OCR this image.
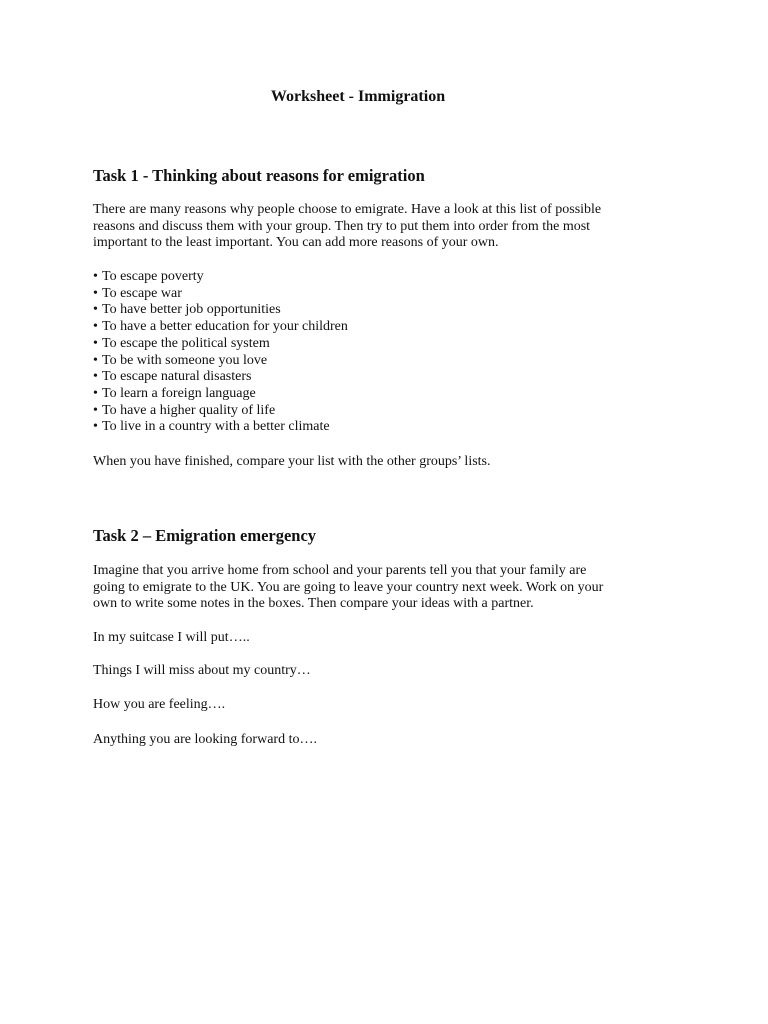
Worksheet - Immigration

Task 1 - Thinking about reasons for emigration

There are many reasons why people choose to emigrate. Have a look at this list of possible

reasons and discuss them with your group. Then try to put them into order from the most

important to the least important. You can add more reasons of your own.

• To escape poverty
• To escape war
• To have better job opportunities
• To have a better education for your children
• To escape the political system
• To be with someone you love
• To escape natural disasters
• To learn a foreign language
• To have a higher quality of life
• To live in a country with a better climate

When you have finished, compare your list with the other groups’ lists.

Task 2 – Emigration emergency

Imagine that you arrive home from school and your parents tell you that your family are

going to emigrate to the UK. You are going to leave your country next week. Work on your

own to write some notes in the boxes. Then compare your ideas with a partner.

In my suitcase I will put…..

Things I will miss about my country…

How you are feeling….

Anything you are looking forward to….
